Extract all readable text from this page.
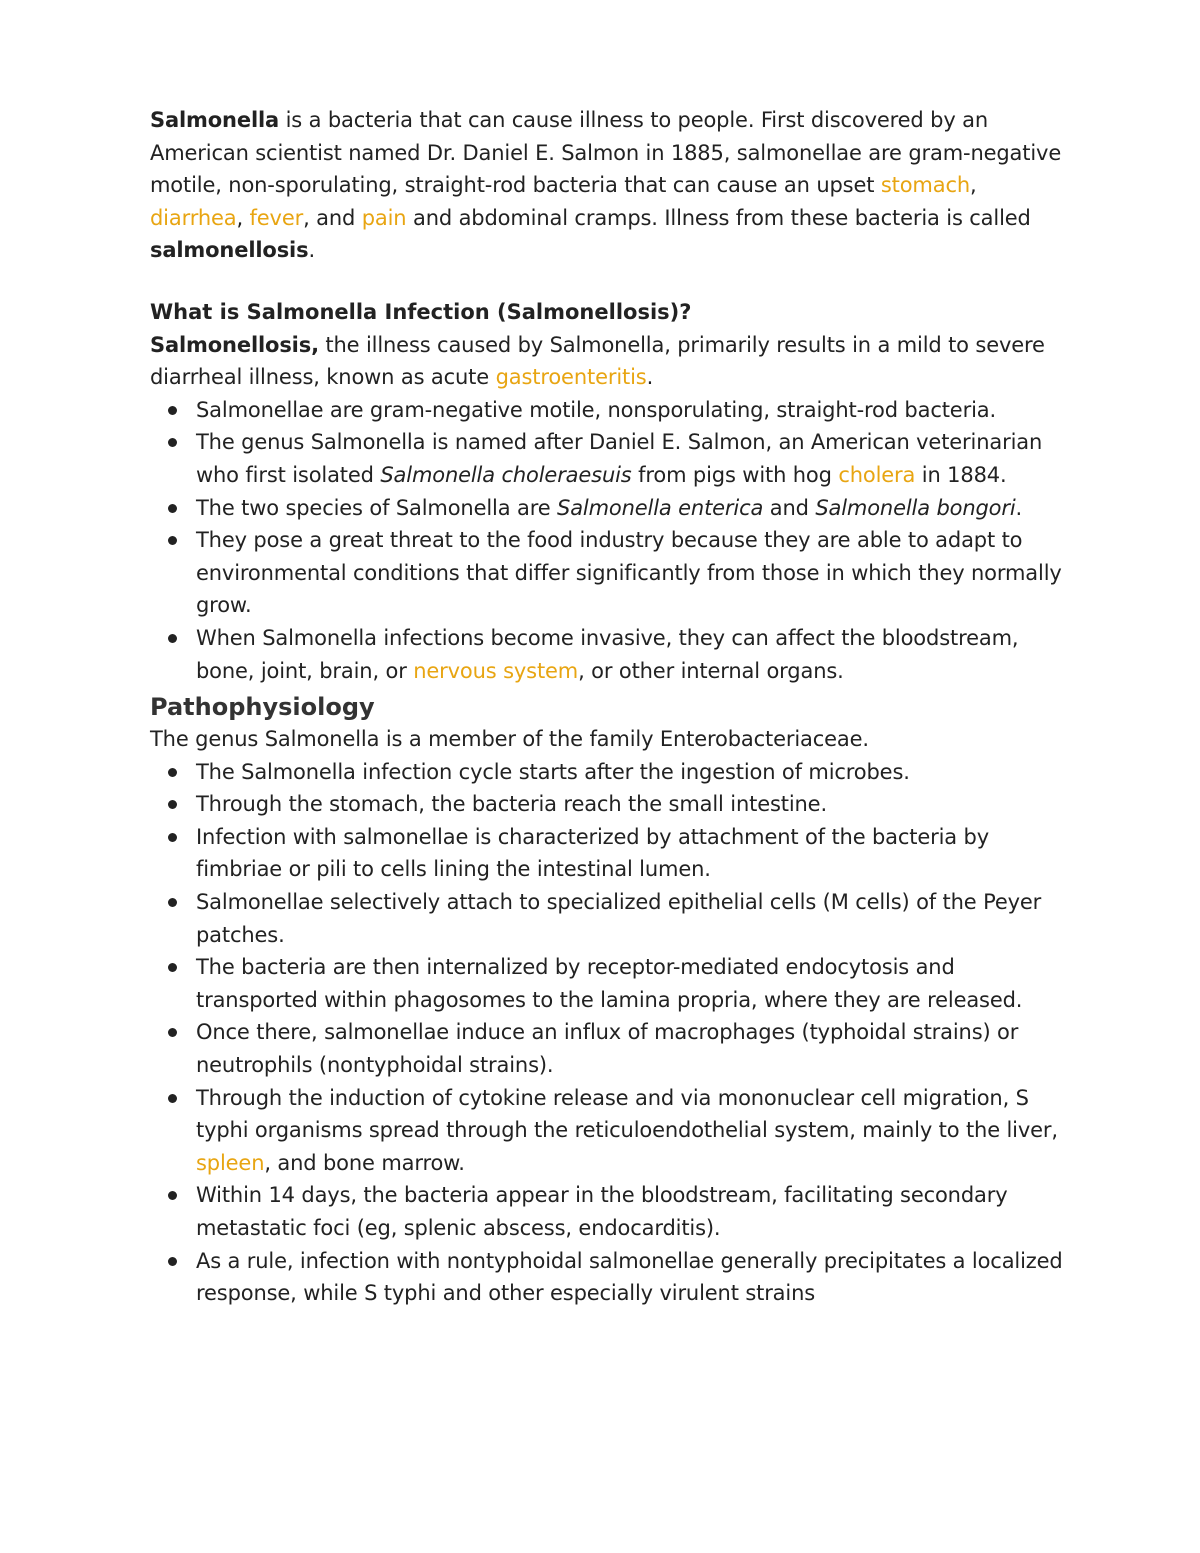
Salmonella is a bacteria that can cause illness to people. First discovered by an American scientist named Dr. Daniel E. Salmon in 1885, salmonellae are gram-negative motile, non-sporulating, straight-rod bacteria that can cause an upset stomach, diarrhea, fever, and pain and abdominal cramps. Illness from these bacteria is called salmonellosis.

What is Salmonella Infection (Salmonellosis)?

Salmonellosis, the illness caused by Salmonella, primarily results in a mild to severe diarrheal illness, known as acute gastroenteritis.

Salmonellae are gram-negative motile, nonsporulating, straight-rod bacteria.
The genus Salmonella is named after Daniel E. Salmon, an American veterinarian who first isolated Salmonella choleraesuis from pigs with hog cholera in 1884.
The two species of Salmonella are Salmonella enterica and Salmonella bongori.
They pose a great threat to the food industry because they are able to adapt to environmental conditions that differ significantly from those in which they normally grow.
When Salmonella infections become invasive, they can affect the bloodstream, bone, joint, brain, or nervous system, or other internal organs.

Pathophysiology

The genus Salmonella is a member of the family Enterobacteriaceae.

The Salmonella infection cycle starts after the ingestion of microbes.
Through the stomach, the bacteria reach the small intestine.
Infection with salmonellae is characterized by attachment of the bacteria by fimbriae or pili to cells lining the intestinal lumen.
Salmonellae selectively attach to specialized epithelial cells (M cells) of the Peyer patches.
The bacteria are then internalized by receptor-mediated endocytosis and transported within phagosomes to the lamina propria, where they are released.
Once there, salmonellae induce an influx of macrophages (typhoidal strains) or neutrophils (nontyphoidal strains).
Through the induction of cytokine release and via mononuclear cell migration, S typhi organisms spread through the reticuloendothelial system, mainly to the liver, spleen, and bone marrow.
Within 14 days, the bacteria appear in the bloodstream, facilitating secondary metastatic foci (eg, splenic abscess, endocarditis).
As a rule, infection with nontyphoidal salmonellae generally precipitates a localized response, while S typhi and other especially virulent strains
